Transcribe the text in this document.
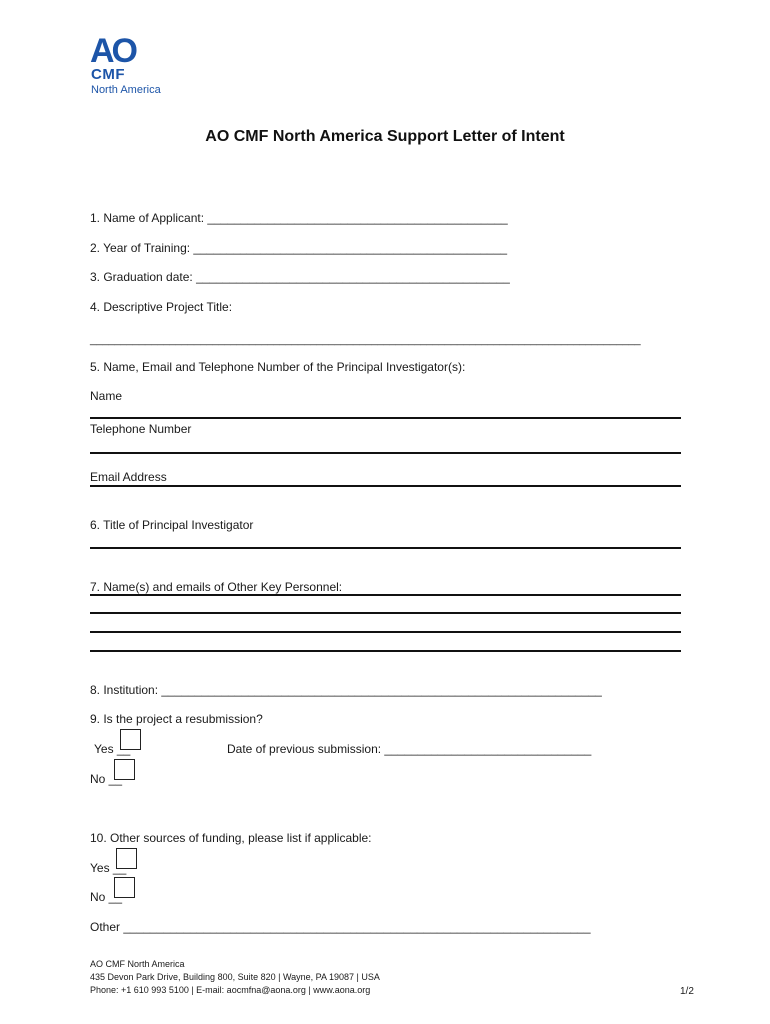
AO
CMF
North America
AO CMF North America Support Letter of Intent
1. Name of Applicant: _____________________________________________
2. Year of Training: _______________________________________________
3. Graduation date: _______________________________________________
4. Descriptive Project Title:
__________________________________________________________________________________________
5. Name, Email and Telephone Number of the Principal Investigator(s):
Name
Telephone Number
Email Address
6. Title of Principal Investigator
7. Name(s) and emails of Other Key Personnel:
8. Institution: __________________________________________________________________
9. Is the project a resubmission?
Yes __	Date of previous submission: _______________________________
No __
10. Other sources of funding, please list if applicable:
Yes __
No __
Other ______________________________________________________________________
AO CMF North America
435 Devon Park Drive, Building 800, Suite 820 | Wayne, PA 19087 | USA
Phone: +1 610 993 5100 | E-mail: aocmfna@aona.org | www.aona.org	1/2
